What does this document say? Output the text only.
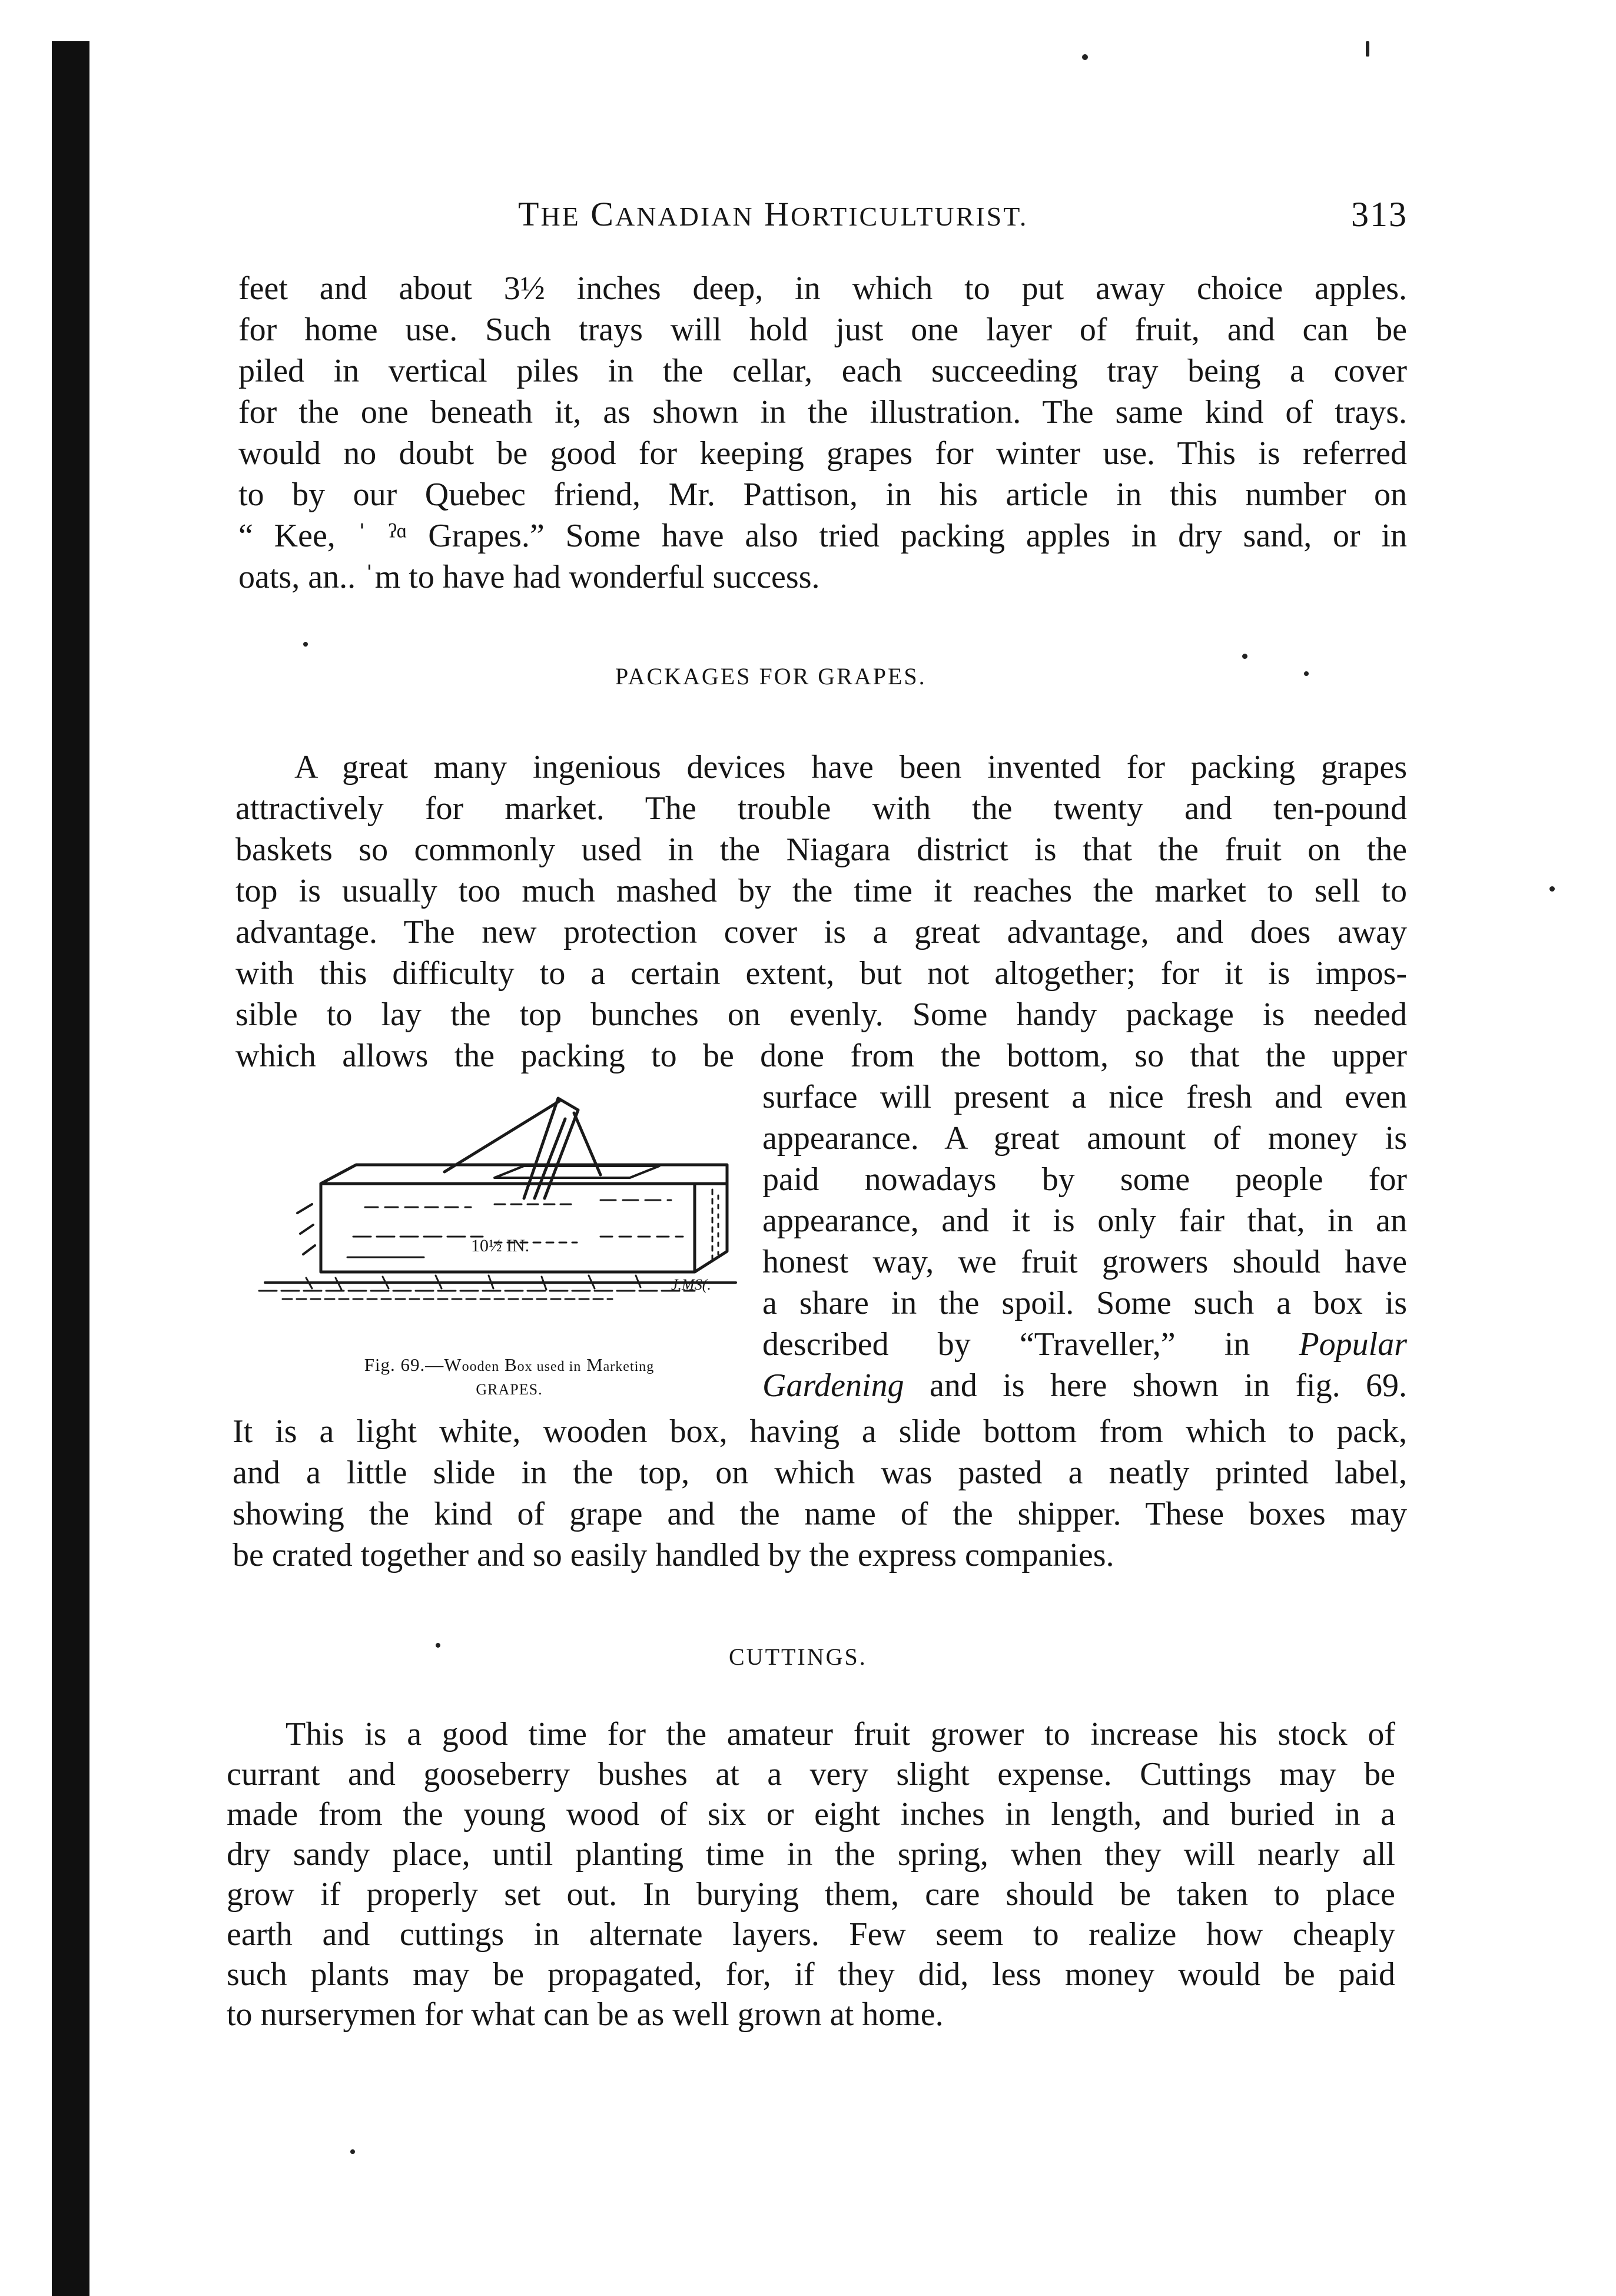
THE CANADIAN HORTICULTURIST.	313
feet and about 3½ inches deep, in which to put away choice apples.
for home use. Such trays will hold just one layer of fruit, and can be
piled in vertical piles in the cellar, each succeeding tray being a cover
for the one beneath it, as shown in the illustration. The same kind of trays.
would no doubt be good for keeping grapes for winter use. This is referred
to by our Quebec friend, Mr. Pattison, in his article in this number on
“ Kee, ˈ ˀᵅ Grapes.” Some have also tried packing apples in dry sand, or in
oats, an.. ˈm to have had wonderful success.
PACKAGES FOR GRAPES.
A great many ingenious devices have been invented for packing grapes
attractively for market. The trouble with the twenty and ten-pound
baskets so commonly used in the Niagara district is that the fruit on the
top is usually too much mashed by the time it reaches the market to sell to
advantage. The new protection cover is a great advantage, and does away
with this difficulty to a certain extent, but not altogether; for it is impos-
sible to lay the top bunches on evenly. Some handy package is needed
which allows the packing to be done from the bottom, so that the upper
surface will present a nice fresh and even
appearance. A great amount of money is
paid nowadays by some people for
appearance, and it is only fair that, in an
honest way, we fruit growers should have
a share in the spoil. Some such a box is
described by “Traveller,” in Popular
Gardening and is here shown in fig. 69.
10½ IN.
J.MS(.
Fig. 69.—Wooden Box used in Marketing
GRAPES.
It is a light white, wooden box, having a slide bottom from which to pack,
and a little slide in the top, on which was pasted a neatly printed label,
showing the kind of grape and the name of the shipper. These boxes may
be crated together and so easily handled by the express companies.
CUTTINGS.
This is a good time for the amateur fruit grower to increase his stock of
currant and gooseberry bushes at a very slight expense. Cuttings may be
made from the young wood of six or eight inches in length, and buried in a
dry sandy place, until planting time in the spring, when they will nearly all
grow if properly set out. In burying them, care should be taken to place
earth and cuttings in alternate layers. Few seem to realize how cheaply
such plants may be propagated, for, if they did, less money would be paid
to nurserymen for what can be as well grown at home.
